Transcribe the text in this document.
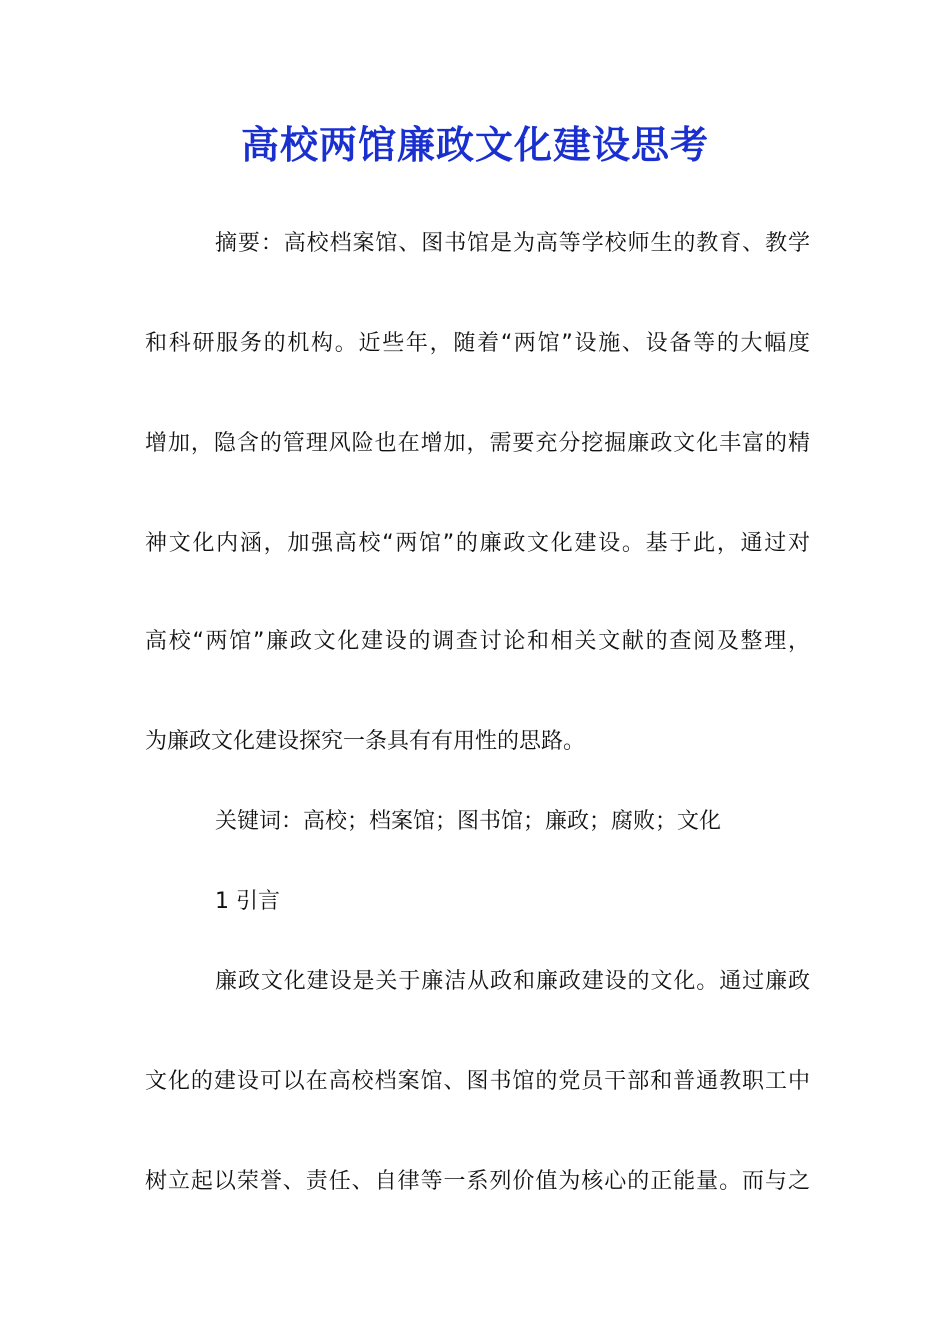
高校两馆廉政文化建设思考
摘要：高校档案馆、图书馆是为高等学校师生的教育、教学
和科研服务的机构。近些年，随着“两馆”设施、设备等的大幅度
增加，隐含的管理风险也在增加，需要充分挖掘廉政文化丰富的精
神文化内涵，加强高校“两馆”的廉政文化建设。基于此，通过对
高校“两馆”廉政文化建设的调查讨论和相关文献的查阅及整理，
为廉政文化建设探究一条具有有用性的思路。
关键词：高校；档案馆；图书馆；廉政；腐败；文化
1 引言
廉政文化建设是关于廉洁从政和廉政建设的文化。通过廉政
文化的建设可以在高校档案馆、图书馆的党员干部和普通教职工中
树立起以荣誉、责任、自律等一系列价值为核心的正能量。而与之
